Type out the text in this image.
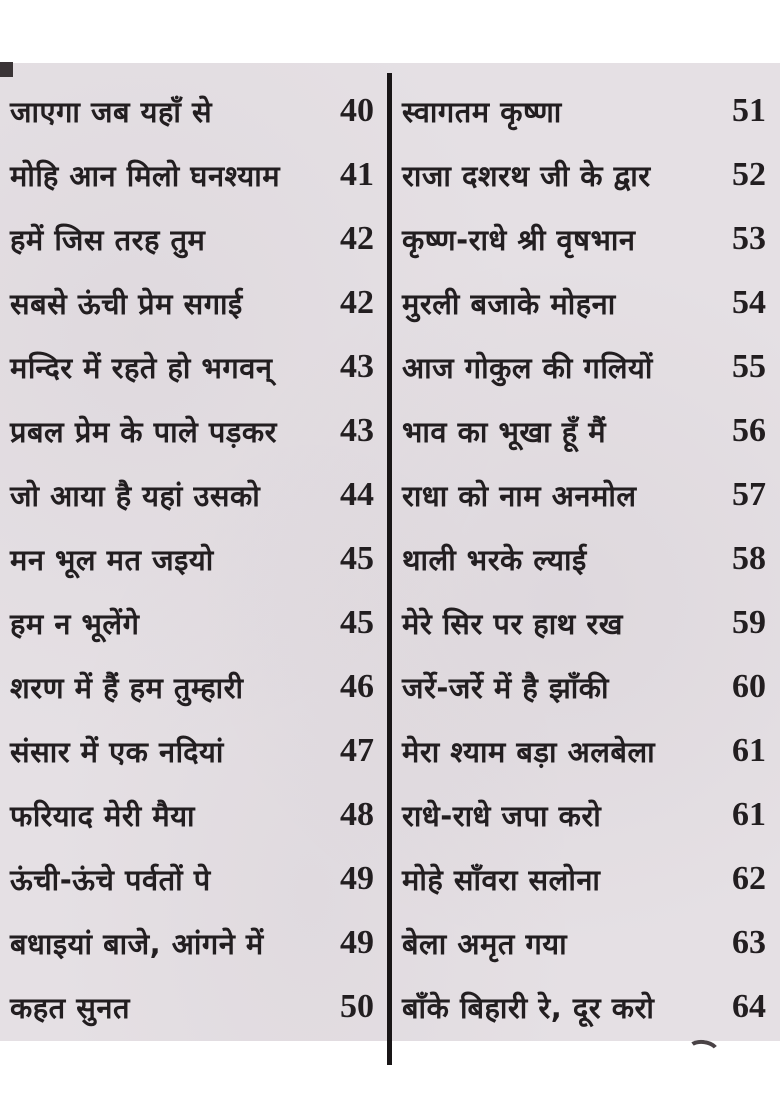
जाएगा जब यहाँ से	40
मोहि आन मिलो घनश्याम 41
हमें जिस तरह तुम	42
सबसे ऊंची प्रेम सगाई	42
मन्दिर में रहते हो भगवन् 43
प्रबल प्रेम के पाले पड़कर 43
जो आया है यहां उसको 44
मन भूल मत जइयो	45
हम न भूलेंगे	45
शरण में हैं हम तुम्हारी	46
संसार में एक नदियां	47
फरियाद मेरी मैया	48
ऊंची-ऊंचे पर्वतों पे	49
बधाइयां बाजे, आंगने में 49
कहत सुनत	50
स्वागतम कृष्णा	51
राजा दशरथ जी के द्वार 52
कृष्ण-राधे श्री वृषभान	53
मुरली बजाके मोहना	54
आज गोकुल की गलियों 55
भाव का भूखा हूँ मैं	56
राधा को नाम अनमोल	57
थाली भरके ल्याई	58
मेरे सिर पर हाथ रख	59
जर्रे-जर्रे में है झाँकी	60
मेरा श्याम बड़ा अलबेला 61
राधे-राधे जपा करो	61
मोहे साँवरा सलोना	62
बेला अमृत गया	63
बाँके बिहारी रे, दूर करो 64
